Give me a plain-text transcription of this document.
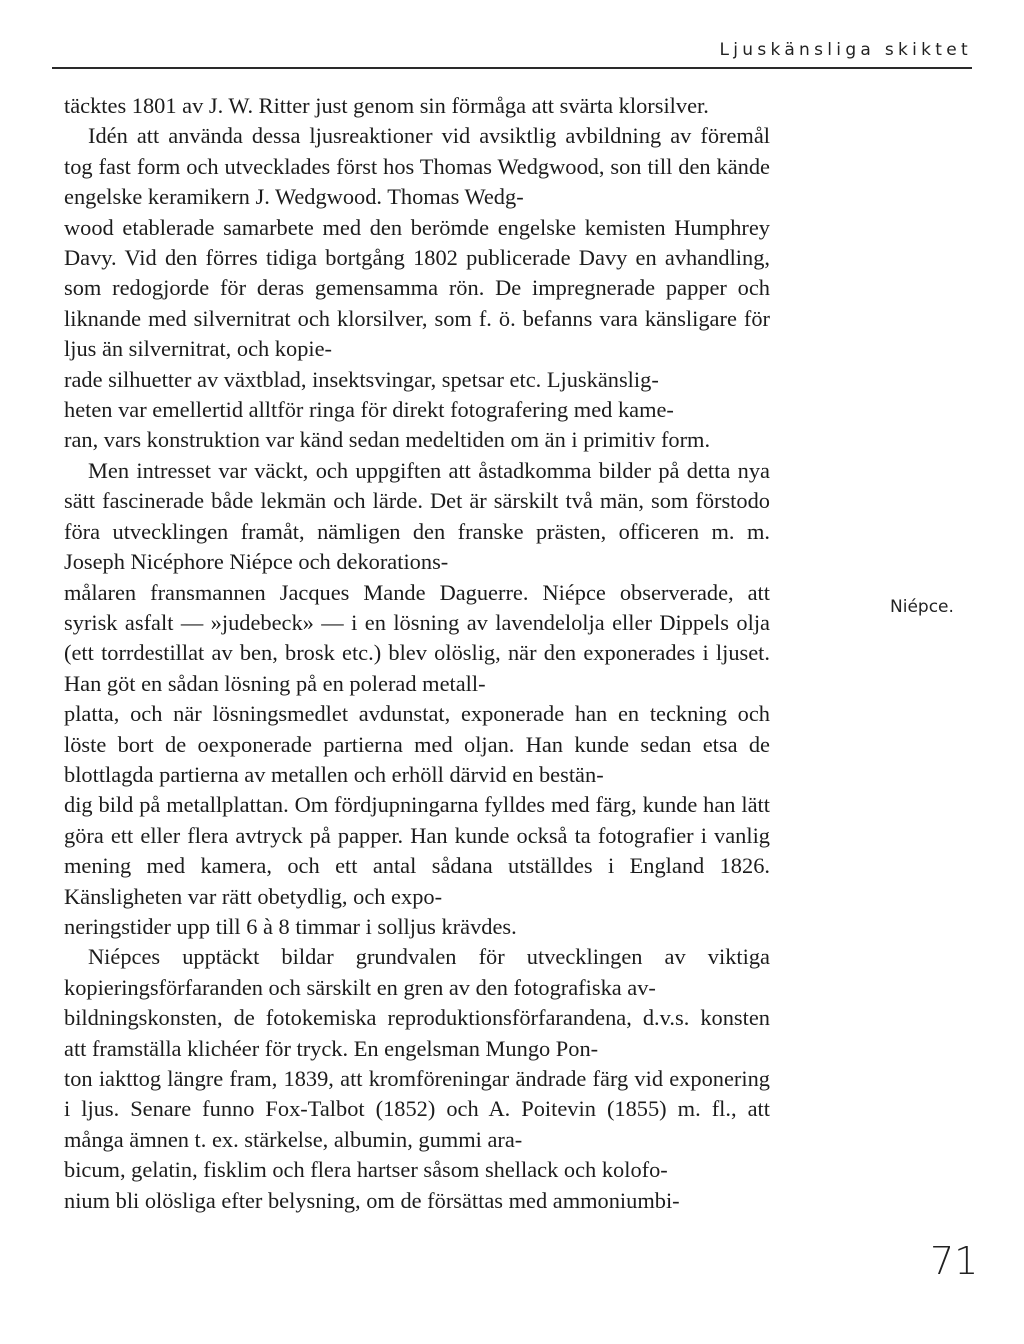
Ljuskänsliga skiktet

täcktes 1801 av J. W. Ritter just genom sin förmåga att svärta klorsilver.

Idén att använda dessa ljusreaktioner vid avsiktlig avbildning av föremål tog fast form och utvecklades först hos Thomas Wedgwood, son till den kände engelske keramikern J. Wedgwood. Thomas Wedg-
wood etablerade samarbete med den berömde engelske kemisten Humphrey Davy. Vid den förres tidiga bortgång 1802 publicerade Davy en avhandling, som redogjorde för deras gemensamma rön. De impregnerade papper och liknande med silvernitrat och klorsilver, som f. ö. befanns vara känsligare för ljus än silvernitrat, och kopie-
rade silhuetter av växtblad, insektsvingar, spetsar etc. Ljuskänslig-
heten var emellertid alltför ringa för direkt fotografering med kame-
ran, vars konstruktion var känd sedan medeltiden om än i primitiv form.

Men intresset var väckt, och uppgiften att åstadkomma bilder på detta nya sätt fascinerade både lekmän och lärde. Det är särskilt två män, som förstodo föra utvecklingen framåt, nämligen den franske prästen, officeren m. m. Joseph Nicéphore Niépce och dekorations-
målaren fransmannen Jacques Mande Daguerre. Niépce observerade, att syrisk asfalt — »judebeck» — i en lösning av lavendelolja eller Dippels olja (ett torrdestillat av ben, brosk etc.) blev olöslig, när den exponerades i ljuset. Han göt en sådan lösning på en polerad metall-
platta, och när lösningsmedlet avdunstat, exponerade han en teckning och löste bort de oexponerade partierna med oljan. Han kunde sedan etsa de blottlagda partierna av metallen och erhöll därvid en bestän-
dig bild på metallplattan. Om fördjupningarna fylldes med färg, kunde han lätt göra ett eller flera avtryck på papper. Han kunde också ta fotografier i vanlig mening med kamera, och ett antal sådana utställdes i England 1826. Känsligheten var rätt obetydlig, och expo-
neringstider upp till 6 à 8 timmar i solljus krävdes.

Niépces upptäckt bildar grundvalen för utvecklingen av viktiga kopieringsförfaranden och särskilt en gren av den fotografiska av-
bildningskonsten, de fotokemiska reproduktionsförfarandena, d.v.s. konsten att framställa klichéer för tryck. En engelsman Mungo Pon-
ton iakttog längre fram, 1839, att kromföreningar ändrade färg vid exponering i ljus. Senare funno Fox-Talbot (1852) och A. Poitevin (1855) m. fl., att många ämnen t. ex. stärkelse, albumin, gummi ara-
bicum, gelatin, fisklim och flera hartser såsom shellack och kolofo-
nium bli olösliga efter belysning, om de försättas med ammoniumbi-

Niépce.
71
